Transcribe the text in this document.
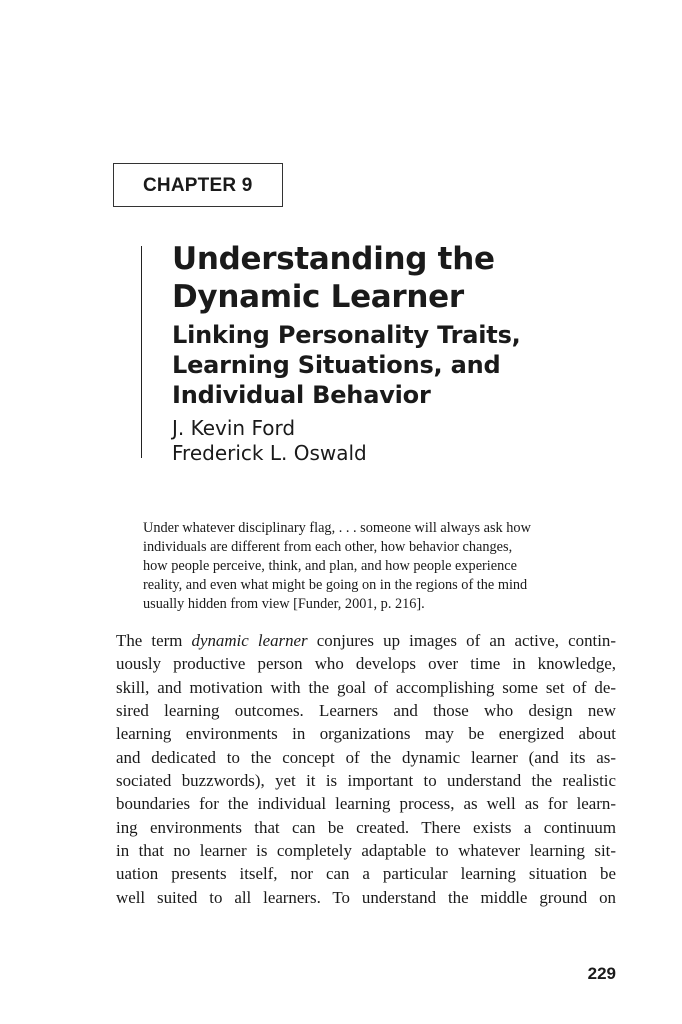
CHAPTER 9
Understanding the
Dynamic Learner
Linking Personality Traits,
Learning Situations, and
Individual Behavior
J. Kevin Ford
Frederick L. Oswald

Under whatever disciplinary flag, . . . someone will always ask how
individuals are different from each other, how behavior changes,
how people perceive, think, and plan, and how people experience
reality, and even what might be going on in the regions of the mind
usually hidden from view [Funder, 2001, p. 216].

The term dynamic learner conjures up images of an active, contin-
uously productive person who develops over time in knowledge,
skill, and motivation with the goal of accomplishing some set of de-
sired learning outcomes. Learners and those who design new
learning environments in organizations may be energized about
and dedicated to the concept of the dynamic learner (and its as-
sociated buzzwords), yet it is important to understand the realistic
boundaries for the individual learning process, as well as for learn-
ing environments that can be created. There exists a continuum
in that no learner is completely adaptable to whatever learning sit-
uation presents itself, nor can a particular learning situation be
well suited to all learners. To understand the middle ground on
229
